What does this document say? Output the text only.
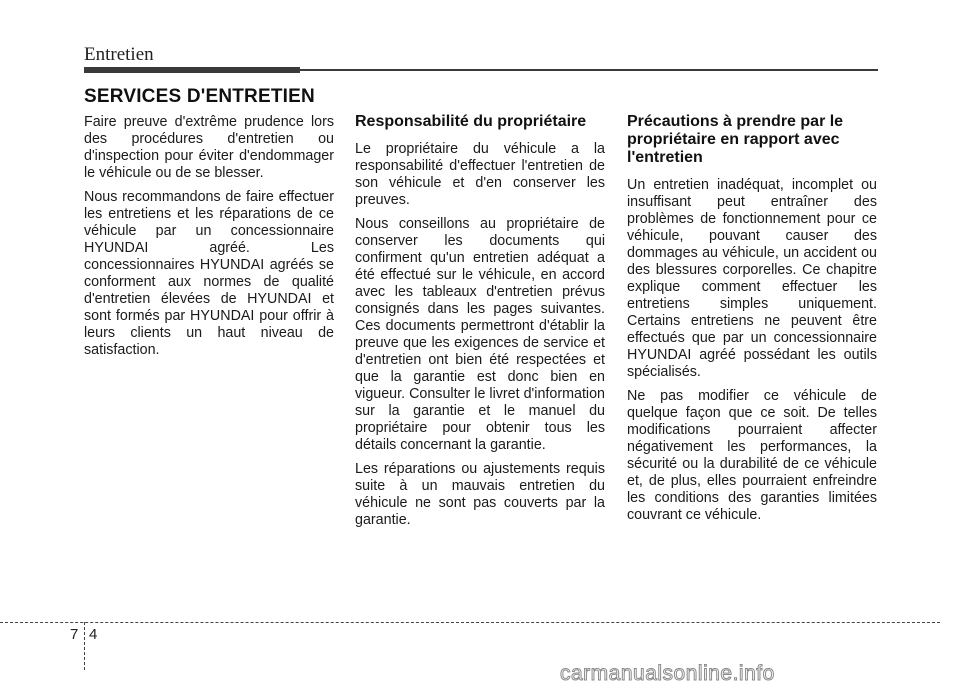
Entretien
SERVICES D'ENTRETIEN

Faire preuve d'extrême prudence lors des procédures d'entretien ou d'inspection pour éviter d'endommager le véhicule ou de se blesser.

Nous recommandons de faire effectuer les entretiens et les réparations de ce véhicule par un concessionnaire HYUNDAI agréé. Les concessionnaires HYUNDAI agréés se conforment aux normes de qualité d'entretien élevées de HYUNDAI et sont formés par HYUNDAI pour offrir à leurs clients un haut niveau de satisfaction.

Responsabilité du propriétaire

Le propriétaire du véhicule a la responsabilité d'effectuer l'entretien de son véhicule et d'en conserver les preuves.

Nous conseillons au propriétaire de conserver les documents qui confirment qu'un entretien adéquat a été effectué sur le véhicule, en accord avec les tableaux d'entretien prévus consignés dans les pages suivantes. Ces documents permettront d'établir la preuve que les exigences de service et d'entretien ont bien été respectées et que la garantie est donc bien en vigueur. Consulter le livret d'information sur la garantie et le manuel du propriétaire pour obtenir tous les détails concernant la garantie.

Les réparations ou ajustements requis suite à un mauvais entretien du véhicule ne sont pas couverts par la garantie.

Précautions à prendre par le propriétaire en rapport avec l'entretien

Un entretien inadéquat, incomplet ou insuffisant peut entraîner des problèmes de fonctionnement pour ce véhicule, pouvant causer des dommages au véhicule, un accident ou des blessures corporelles. Ce chapitre explique comment effectuer les entretiens simples uniquement. Certains entretiens ne peuvent être effectués que par un concessionnaire HYUNDAI agréé possédant les outils spécialisés.

Ne pas modifier ce véhicule de quelque façon que ce soit. De telles modifications pourraient affecter négativement les performances, la sécurité ou la durabilité de ce véhicule et, de plus, elles pourraient enfreindre les conditions des garanties limitées couvrant ce véhicule.

7 4
carmanualsonline.info
